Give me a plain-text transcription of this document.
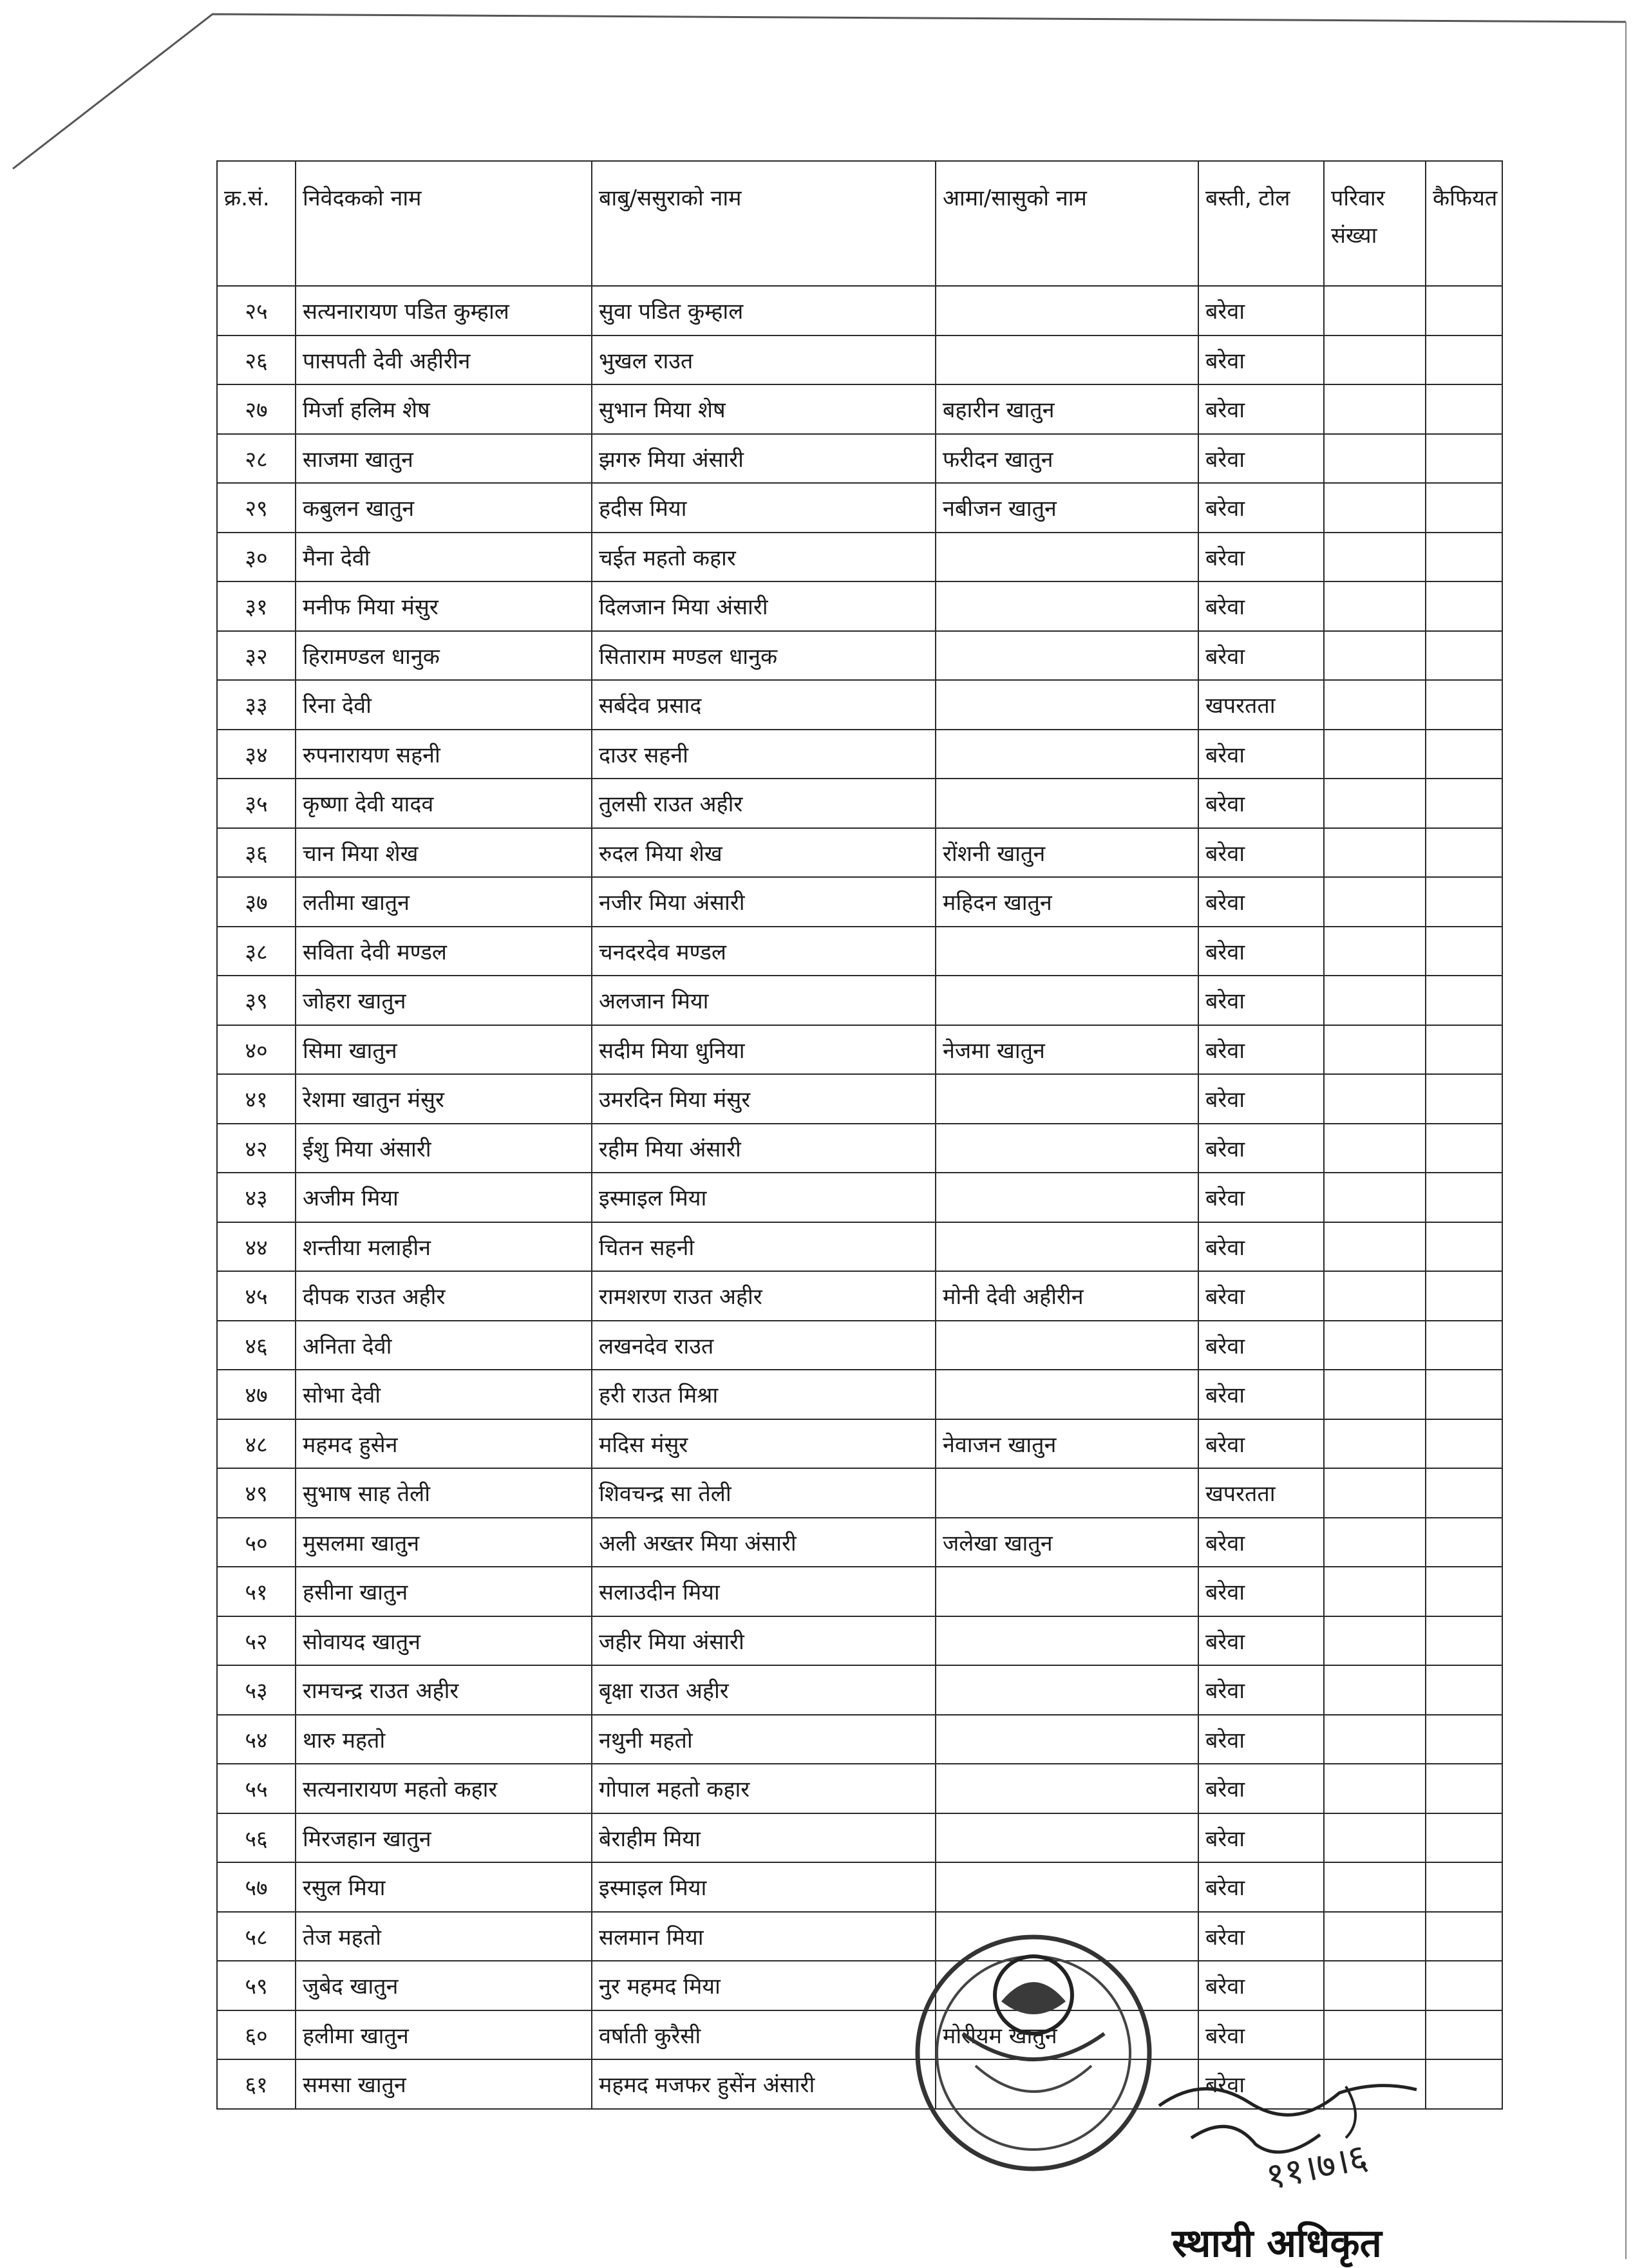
क्र.सं.	निवेदकको नाम	बाबु/ससुराको नाम	आमा/सासुको नाम	बस्ती, टोल	परिवार संख्या	कैफियत
२५	सत्यनारायण पडित कुम्हाल	सुवा पडित कुम्हाल		बरेवा		
२६	पासपती देवी अहीरीन	भुखल राउत		बरेवा		
२७	मिर्जा हलिम शेष	सुभान मिया शेष	बहारीन खातुन	बरेवा		
२८	साजमा खातुन	झगरु मिया अंसारी	फरीदन खातुन	बरेवा		
२९	कबुलन खातुन	हदीस मिया	नबीजन खातुन	बरेवा		
३०	मैना देवी	चईत महतो कहार		बरेवा		
३१	मनीफ मिया मंसुर	दिलजान मिया अंसारी		बरेवा		
३२	हिरामण्डल धानुक	सिताराम मण्डल धानुक		बरेवा		
३३	रिना देवी	सर्बदेव प्रसाद		खपरतता		
३४	रुपनारायण सहनी	दाउर सहनी		बरेवा		
३५	कृष्णा देवी यादव	तुलसी राउत अहीर		बरेवा		
३६	चान मिया शेख	रुदल मिया शेख	रोंशनी खातुन	बरेवा		
३७	लतीमा खातुन	नजीर मिया अंसारी	महिदन खातुन	बरेवा		
३८	सविता देवी मण्डल	चनदरदेव मण्डल		बरेवा		
३९	जोहरा खातुन	अलजान मिया		बरेवा		
४०	सिमा खातुन	सदीम मिया धुनिया	नेजमा खातुन	बरेवा		
४१	रेशमा खातुन मंसुर	उमरदिन मिया मंसुर		बरेवा		
४२	ईशु मिया अंसारी	रहीम मिया अंसारी		बरेवा		
४३	अजीम मिया	इस्माइल मिया		बरेवा		
४४	शन्तीया मलाहीन	चितन सहनी		बरेवा		
४५	दीपक राउत अहीर	रामशरण राउत अहीर	मोनी देवी अहीरीन	बरेवा		
४६	अनिता देवी	लखनदेव राउत		बरेवा		
४७	सोभा देवी	हरी राउत मिश्रा		बरेवा		
४८	महमद हुसेन	मदिस मंसुर	नेवाजन खातुन	बरेवा		
४९	सुभाष साह तेली	शिवचन्द्र सा तेली		खपरतता		
५०	मुसलमा खातुन	अली अख्तर मिया अंसारी	जलेखा खातुन	बरेवा		
५१	हसीना खातुन	सलाउदीन मिया		बरेवा		
५२	सोवायद खातुन	जहीर मिया अंसारी		बरेवा		
५३	रामचन्द्र राउत अहीर	बृक्षा राउत अहीर		बरेवा		
५४	थारु महतो	नथुनी महतो		बरेवा		
५५	सत्यनारायण महतो कहार	गोपाल महतो कहार		बरेवा		
५६	मिरजहान खातुन	बेराहीम मिया		बरेवा		
५७	रसुल मिया	इस्माइल मिया		बरेवा		
५८	तेज महतो	सलमान मिया		बरेवा		
५९	जुबेद खातुन	नुर महमद मिया		बरेवा		
६०	हलीमा खातुन	वर्षाती कुरैसी	मोरीयम खातुन	बरेवा		
६१	समसा खातुन	महमद मजफर हुसेंन अंसारी		बरेवा		
११।७।६
स्थायी अधिकृत
